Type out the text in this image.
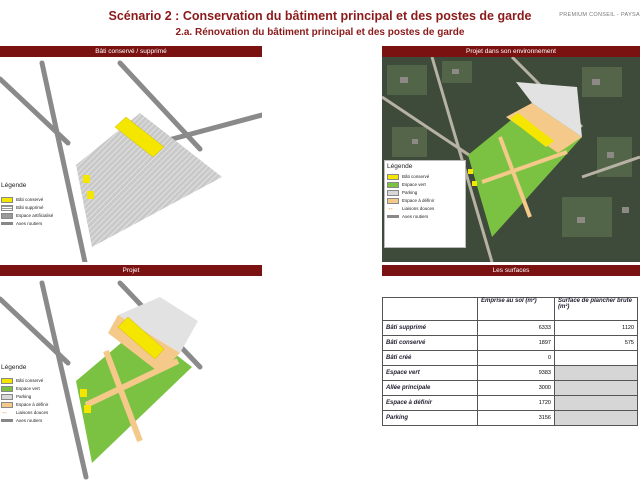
Scénario 2 : Conservation du bâtiment principal et des postes de garde
2.a. Rénovation du bâtiment principal et des postes de garde
PREMIUM CONSEIL - PAYSA
Bâti conservé / supprimé	Projet dans son environnement
Projet	Les surfaces
Légende
Bâti conservé
Bâti supprimé
Espace artificialisé
Axes routiers
Légende
Bâti conservé
Espace vert
Parking
Espace à définir
↔ Liaisons douces
Axes routiers
Légende
Bâti conservé
Espace vert
Parking
Espace à définir
↔ Liaisons douces
Axes routiers
	Emprise au sol (m²)	Surface de plancher brute (m²)
Bâti supprimé	6333	1120
Bâti conservé	1897	575
Bâti créé	0	
Espace vert	9383	
Allée principale	3000	
Espace à définir	1720	
Parking	3156	
